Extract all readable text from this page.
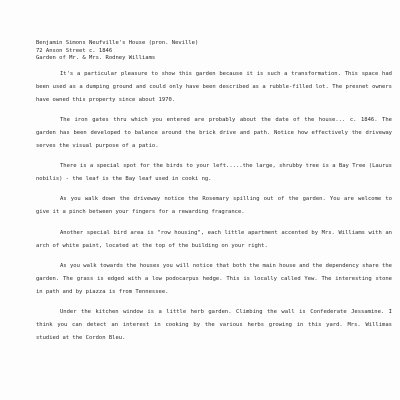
Benjamin Simons Neufville's House (pron. Neville)
72 Anson Street c. 1846
Garden of Mr. & Mrs. Rodney Williams

It's a particular pleasure to show this garden because it is such a transformation. This space had been used as a dumping ground and could only have been described as a rubble-filled lot. The presnet owners have owned this property since about 1970.

The iron gates thru which you entered are probably about the date of the house... c. 1846. The garden has been developed to balance around the brick drive and path. Notice how effectively the driveway serves the visual purpose of a patio.

There is a special spot for the birds to your left.....the large, shrubby tree is a Bay Tree (Laurus nobilis) - the leaf is the Bay leaf used in cooki ng.

As you walk down the driveway notice the Rosemary spilling out of the garden. You are welcome to give it a pinch between your fingers for a rewarding fragrance.

Another special bird area is "row housing", each little apartment accented by Mrs. Williams with an arch of white paint, located at the top of the building on your right.

As you walk towards the houses you will notice that both the main house and the dependency share the garden. The grass is edged with a low podocarpus hedge. This is locally called Yew. The interesting stone in path and by piazza is from Tennessee.

Under the kitchen window is a little herb garden. Climbing the wall is Confederate Jessamine. I think you can detect an interest in cooking by the various herbs growing in this yard. Mrs. Willimas studied at the Cordon Bleu.
